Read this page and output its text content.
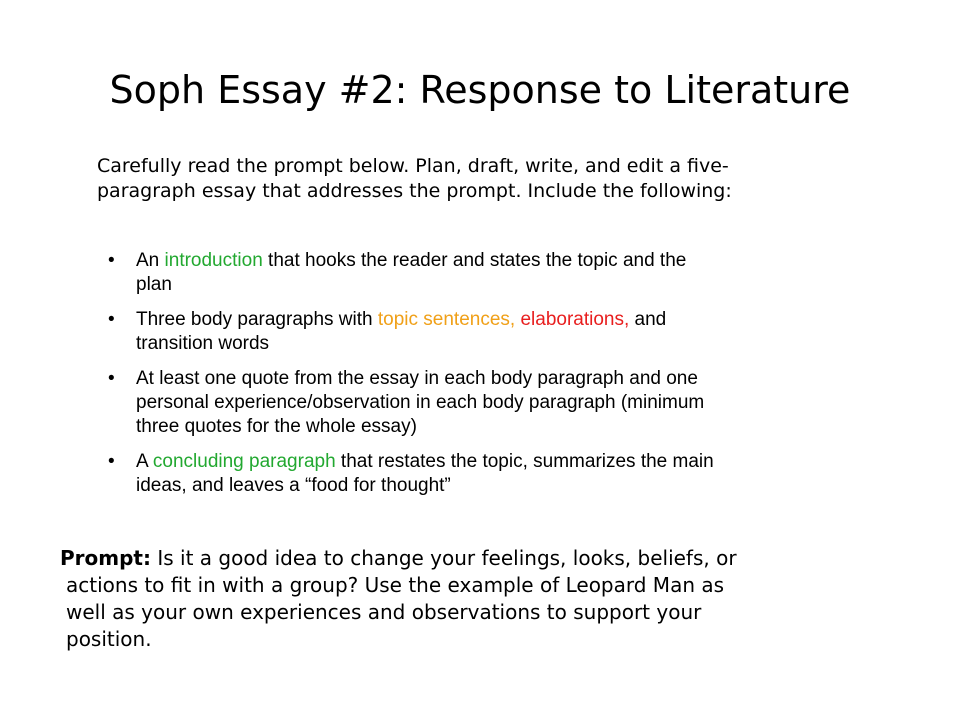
Soph Essay #2: Response to Literature
Carefully read the prompt below. Plan, draft, write, and edit a five-
paragraph essay that addresses the prompt. Include the following:
• An introduction that hooks the reader and states the topic and the
plan
• Three body paragraphs with topic sentences, elaborations, and
transition words
• At least one quote from the essay in each body paragraph and one
personal experience/observation in each body paragraph (minimum
three quotes for the whole essay)
• A concluding paragraph that restates the topic, summarizes the main
ideas, and leaves a “food for thought”
Prompt: Is it a good idea to change your feelings, looks, beliefs, or
actions to fit in with a group? Use the example of Leopard Man as
well as your own experiences and observations to support your
position.
